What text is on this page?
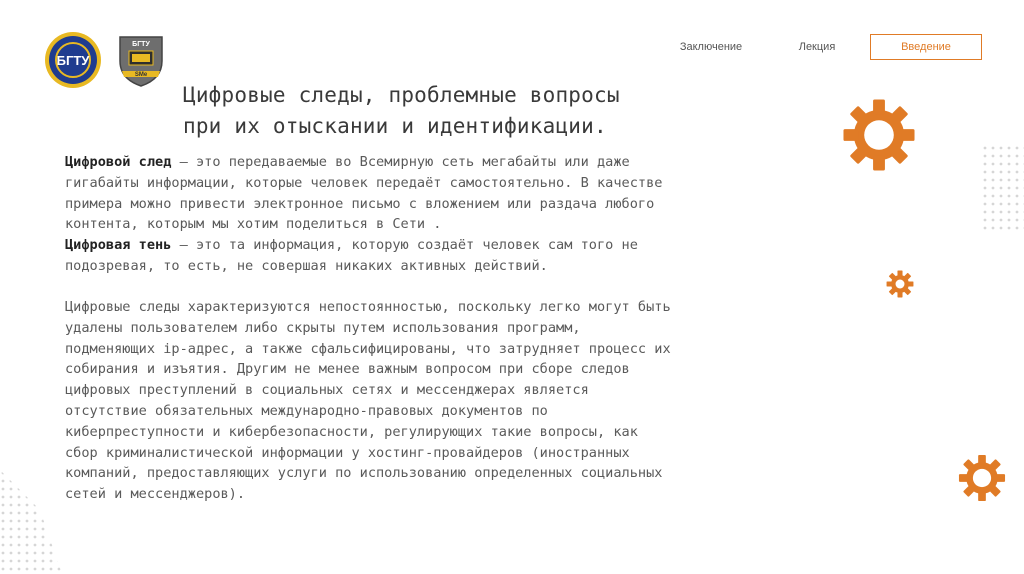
БГТУ
БГТУ
SMe
Заключение	Лекция	Введение
Цифровые следы, проблемные вопросы
при их отыскании и идентификации.
Цифровой след — это передаваемые во Всемирную сеть мегабайты или даже
гигабайты информации, которые человек передаёт самостоятельно. В качестве
примера можно привести электронное письмо с вложением или раздача любого
контента, которым мы хотим поделиться в Сети .
Цифровая тень — это та информация, которую создаёт человек сам того не
подозревая, то есть, не совершая никаких активных действий.
Цифровые следы характеризуются непостоянностью, поскольку легко могут быть
удалены пользователем либо скрыты путем использования программ,
подменяющих ip-адрес, а также сфальсифицированы, что затрудняет процесс их
собирания и изъятия. Другим не менее важным вопросом при сборе следов
цифровых преступлений в социальных сетях и мессенджерах является
отсутствие обязательных международно-правовых документов по
киберпреступности и кибербезопасности, регулирующих такие вопросы, как
сбор криминалистической информации у хостинг-провайдеров (иностранных
компаний, предоставляющих услуги по использованию определенных социальных
сетей и мессенджеров).
